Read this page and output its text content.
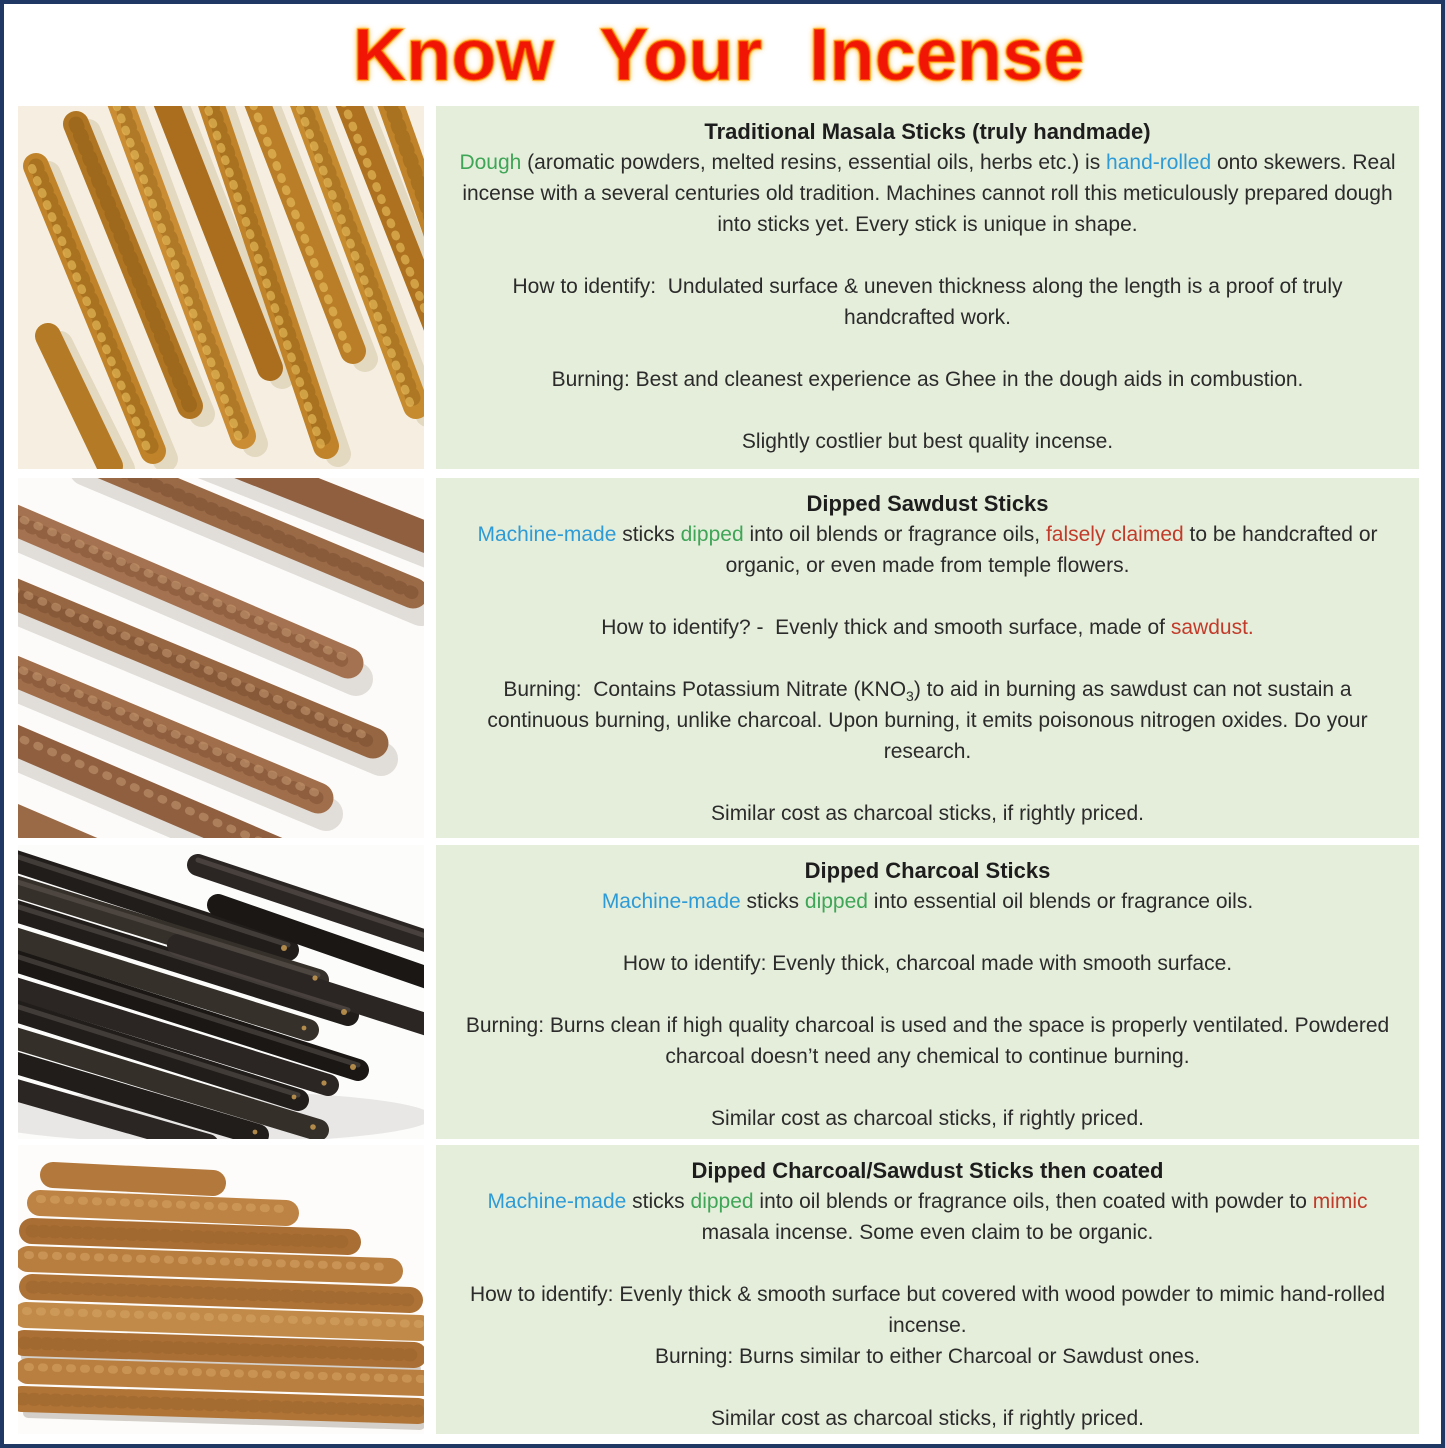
Know Your Incense
Traditional Masala Sticks (truly handmade)

Dough (aromatic powders, melted resins, essential oils, herbs etc.) is hand-rolled onto skewers. Real incense with a several centuries old tradition. Machines cannot roll this meticulously prepared dough into sticks yet. Every stick is unique in shape.

How to identify:  Undulated surface & uneven thickness along the length is a proof of truly handcrafted work.

Burning: Best and cleanest experience as Ghee in the dough aids in combustion.

Slightly costlier but best quality incense.

Dipped Sawdust Sticks

Machine-made sticks dipped into oil blends or fragrance oils, falsely claimed to be handcrafted or organic, or even made from temple flowers.

How to identify? -  Evenly thick and smooth surface, made of sawdust.

Burning:  Contains Potassium Nitrate $(KNO_3)$ to aid in burning as sawdust can not sustain a continuous burning, unlike charcoal. Upon burning, it emits poisonous nitrogen oxides. Do your research.

Similar cost as charcoal sticks, if rightly priced.

Dipped Charcoal Sticks

Machine-made sticks dipped into essential oil blends or fragrance oils.

How to identify: Evenly thick, charcoal made with smooth surface.

Burning: Burns clean if high quality charcoal is used and the space is properly ventilated. Powdered charcoal doesn’t need any chemical to continue burning.

Similar cost as charcoal sticks, if rightly priced.

Dipped Charcoal/Sawdust Sticks then coated

Machine-made sticks dipped into oil blends or fragrance oils, then coated with powder to mimic masala incense. Some even claim to be organic.

How to identify: Evenly thick & smooth surface but covered with wood powder to mimic hand-rolled incense.
Burning: Burns similar to either Charcoal or Sawdust ones.

Similar cost as charcoal sticks, if rightly priced.
